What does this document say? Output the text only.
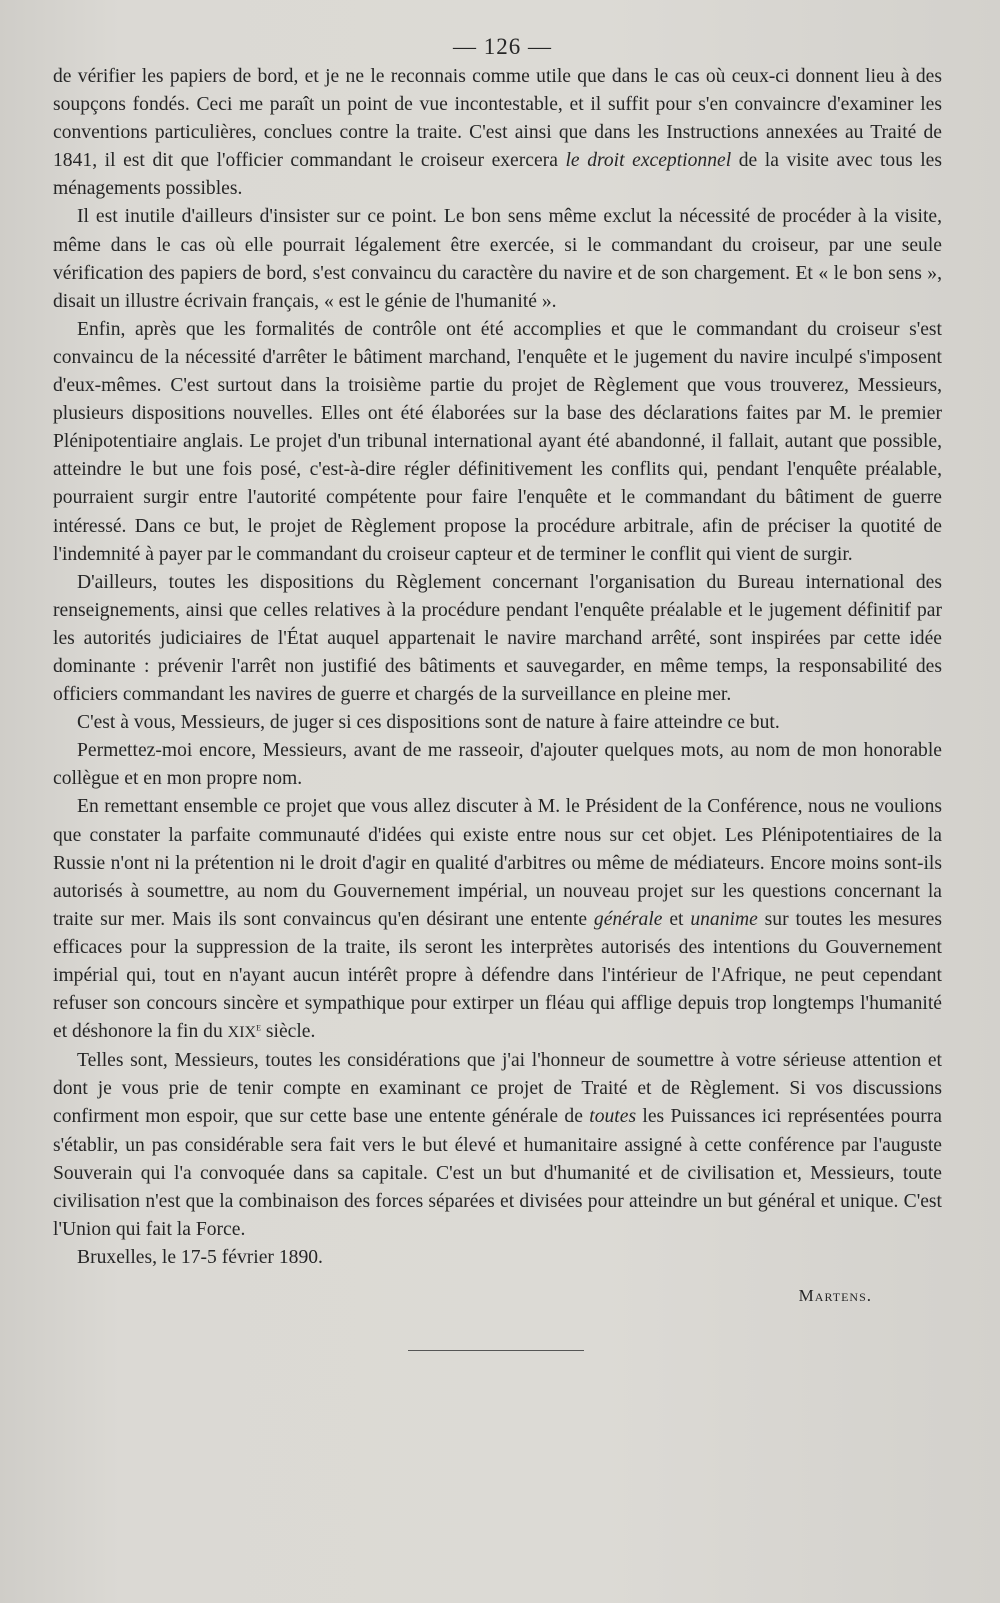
— 126 —

de vérifier les papiers de bord, et je ne le reconnais comme utile que dans le cas où ceux-ci donnent lieu à des soupçons fondés. Ceci me paraît un point de vue incontestable, et il suffit pour s'en convaincre d'examiner les conventions particulières, conclues contre la traite. C'est ainsi que dans les Instructions annexées au Traité de 1841, il est dit que l'officier commandant le croiseur exercera le droit exceptionnel de la visite avec tous les ménagements possibles.

Il est inutile d'ailleurs d'insister sur ce point. Le bon sens même exclut la nécessité de procéder à la visite, même dans le cas où elle pourrait légalement être exercée, si le commandant du croiseur, par une seule vérification des papiers de bord, s'est convaincu du caractère du navire et de son chargement. Et « le bon sens », disait un illustre écrivain français, « est le génie de l'humanité ».

Enfin, après que les formalités de contrôle ont été accomplies et que le commandant du croiseur s'est convaincu de la nécessité d'arrêter le bâtiment marchand, l'enquête et le jugement du navire inculpé s'imposent d'eux-mêmes. C'est surtout dans la troisième partie du projet de Règlement que vous trouverez, Messieurs, plusieurs dispositions nouvelles. Elles ont été élaborées sur la base des déclarations faites par M. le premier Plénipotentiaire anglais. Le projet d'un tribunal international ayant été abandonné, il fallait, autant que possible, atteindre le but une fois posé, c'est-à-dire régler définitivement les conflits qui, pendant l'enquête préalable, pourraient surgir entre l'autorité compétente pour faire l'enquête et le commandant du bâtiment de guerre intéressé. Dans ce but, le projet de Règlement propose la procédure arbitrale, afin de préciser la quotité de l'indemnité à payer par le commandant du croiseur capteur et de terminer le conflit qui vient de surgir.

D'ailleurs, toutes les dispositions du Règlement concernant l'organisation du Bureau international des renseignements, ainsi que celles relatives à la procédure pendant l'enquête préalable et le jugement définitif par les autorités judiciaires de l'État auquel appartenait le navire marchand arrêté, sont inspirées par cette idée dominante : prévenir l'arrêt non justifié des bâtiments et sauvegarder, en même temps, la responsabilité des officiers commandant les navires de guerre et chargés de la surveillance en pleine mer.

C'est à vous, Messieurs, de juger si ces dispositions sont de nature à faire atteindre ce but.

Permettez-moi encore, Messieurs, avant de me rasseoir, d'ajouter quelques mots, au nom de mon honorable collègue et en mon propre nom.

En remettant ensemble ce projet que vous allez discuter à M. le Président de la Conférence, nous ne voulions que constater la parfaite communauté d'idées qui existe entre nous sur cet objet. Les Plénipotentiaires de la Russie n'ont ni la prétention ni le droit d'agir en qualité d'arbitres ou même de médiateurs. Encore moins sont-ils autorisés à soumettre, au nom du Gouvernement impérial, un nouveau projet sur les questions concernant la traite sur mer. Mais ils sont convaincus qu'en désirant une entente générale et unanime sur toutes les mesures efficaces pour la suppression de la traite, ils seront les interprètes autorisés des intentions du Gouvernement impérial qui, tout en n'ayant aucun intérêt propre à défendre dans l'intérieur de l'Afrique, ne peut cependant refuser son concours sincère et sympathique pour extirper un fléau qui afflige depuis trop longtemps l'humanité et déshonore la fin du XIXe siècle.

Telles sont, Messieurs, toutes les considérations que j'ai l'honneur de soumettre à votre sérieuse attention et dont je vous prie de tenir compte en examinant ce projet de Traité et de Règlement. Si vos discussions confirment mon espoir, que sur cette base une entente générale de toutes les Puissances ici représentées pourra s'établir, un pas considérable sera fait vers le but élevé et humanitaire assigné à cette conférence par l'auguste Souverain qui l'a convoquée dans sa capitale. C'est un but d'humanité et de civilisation et, Messieurs, toute civilisation n'est que la combinaison des forces séparées et divisées pour atteindre un but général et unique. C'est l'Union qui fait la Force.

Bruxelles, le 17-5 février 1890.

Martens.
